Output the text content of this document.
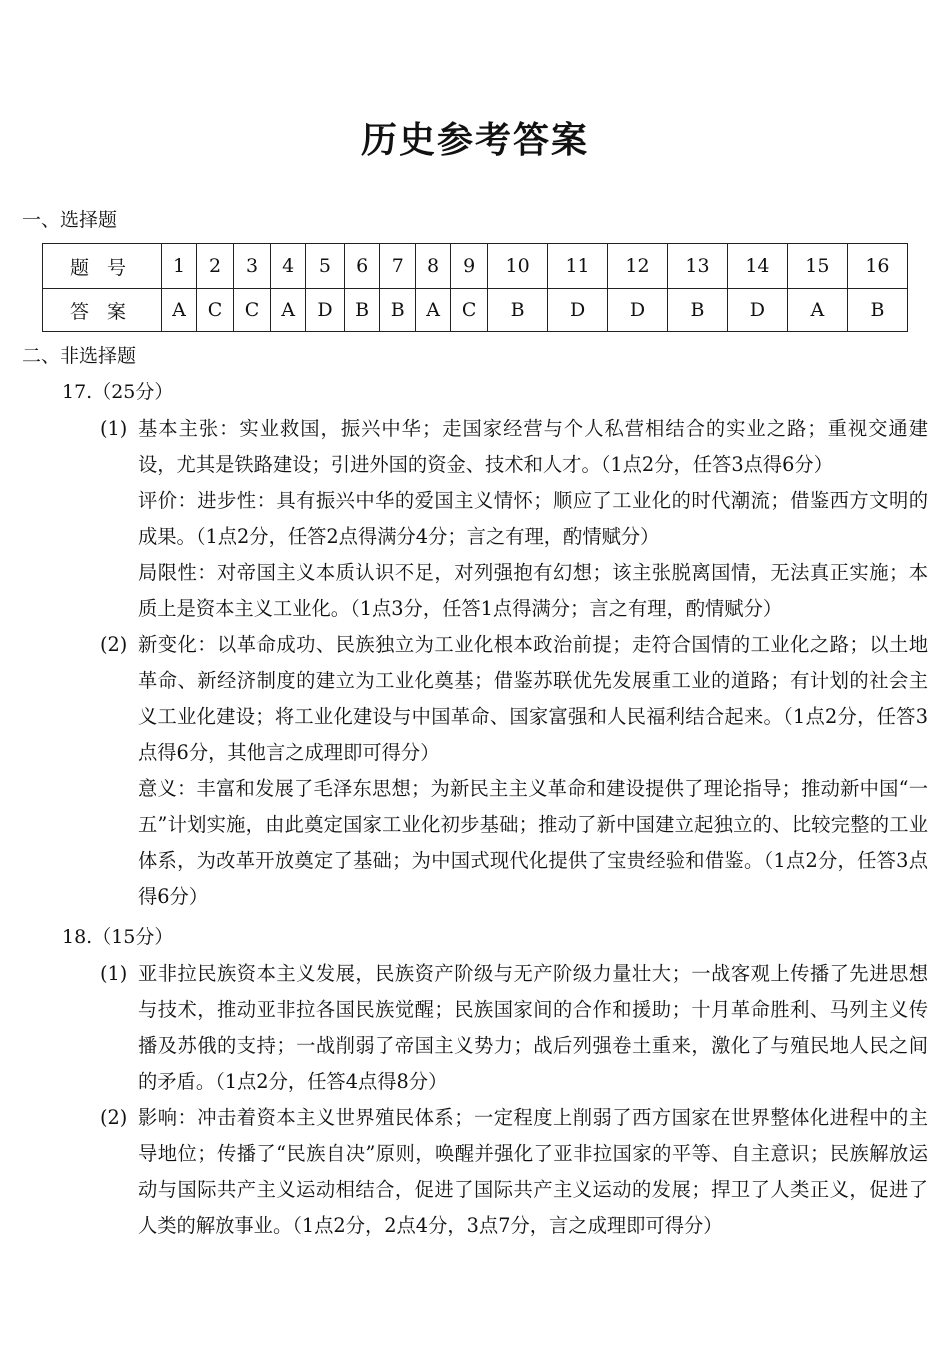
历史参考答案
一、选择题
题号	1	2	3	4	5	6	7	8	9	10	11	12	13	14	15	16
答案	A	C	C	A	D	B	B	A	C	B	D	D	B	D	A	B
二、非选择题
17.（25分）
(1) 基本主张：实业救国，振兴中华；走国家经营与个人私营相结合的实业之路；重视交通建设，尤其是铁路建设；引进外国的资金、技术和人才。（1点2分，任答3点得6分）
评价：进步性：具有振兴中华的爱国主义情怀；顺应了工业化的时代潮流；借鉴西方文明的成果。（1点2分，任答2点得满分4分；言之有理，酌情赋分）
局限性：对帝国主义本质认识不足，对列强抱有幻想；该主张脱离国情，无法真正实施；本质上是资本主义工业化。（1点3分，任答1点得满分；言之有理，酌情赋分）
(2) 新变化：以革命成功、民族独立为工业化根本政治前提；走符合国情的工业化之路；以土地革命、新经济制度的建立为工业化奠基；借鉴苏联优先发展重工业的道路；有计划的社会主义工业化建设；将工业化建设与中国革命、国家富强和人民福利结合起来。（1点2分，任答3点得6分，其他言之成理即可得分）
意义：丰富和发展了毛泽东思想；为新民主主义革命和建设提供了理论指导；推动新中国“一五”计划实施，由此奠定国家工业化初步基础；推动了新中国建立起独立的、比较完整的工业体系，为改革开放奠定了基础；为中国式现代化提供了宝贵经验和借鉴。（1点2分，任答3点得6分）
18.（15分）
(1) 亚非拉民族资本主义发展，民族资产阶级与无产阶级力量壮大；一战客观上传播了先进思想与技术，推动亚非拉各国民族觉醒；民族国家间的合作和援助；十月革命胜利、马列主义传播及苏俄的支持；一战削弱了帝国主义势力；战后列强卷土重来，激化了与殖民地人民之间的矛盾。（1点2分，任答4点得8分）
(2) 影响：冲击着资本主义世界殖民体系；一定程度上削弱了西方国家在世界整体化进程中的主导地位；传播了“民族自决”原则，唤醒并强化了亚非拉国家的平等、自主意识；民族解放运动与国际共产主义运动相结合，促进了国际共产主义运动的发展；捍卫了人类正义，促进了人类的解放事业。（1点2分，2点4分，3点7分，言之成理即可得分）
